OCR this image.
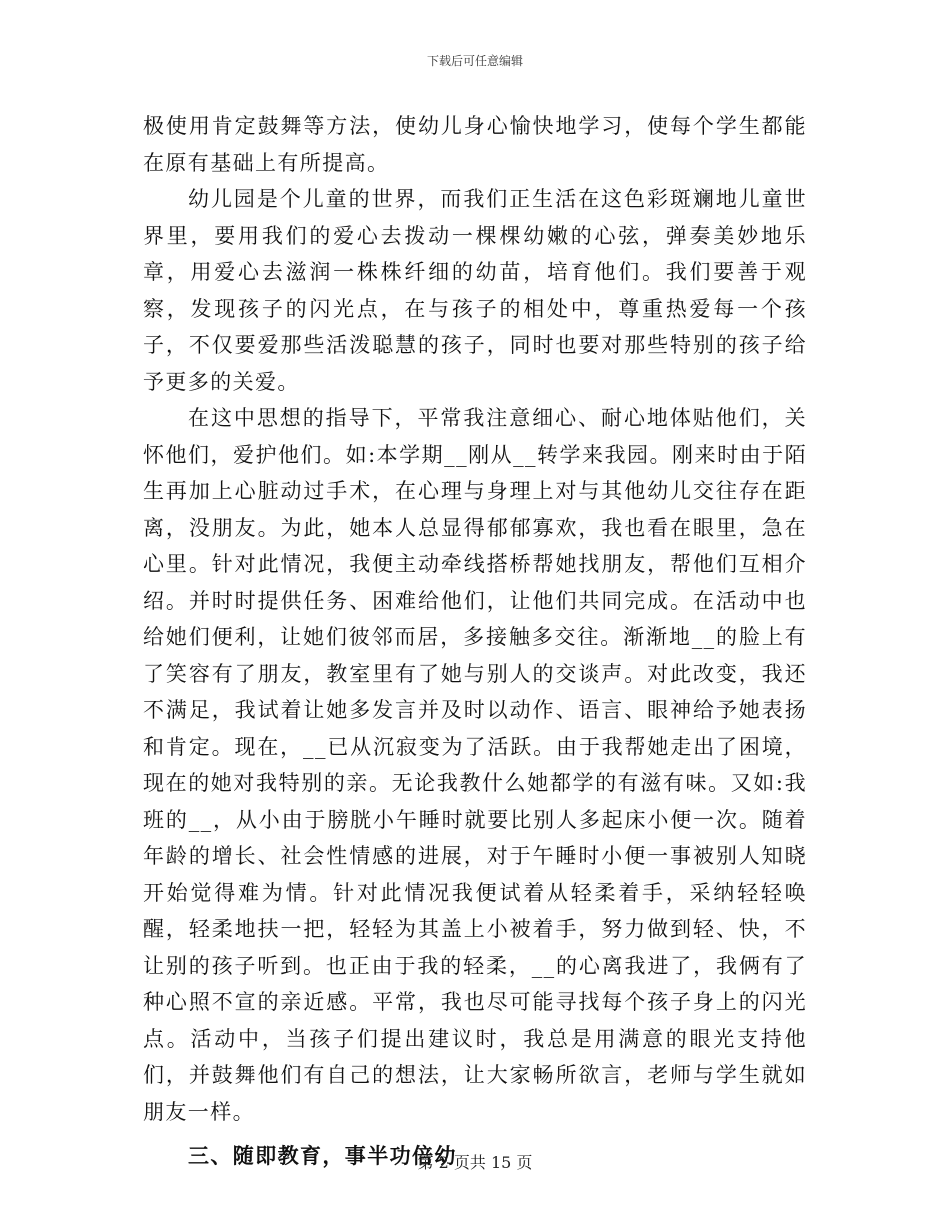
下载后可任意编辑

极使用肯定鼓舞等方法，使幼儿身心愉快地学习，使每个学生都能在原有基础上有所提高。

幼儿园是个儿童的世界，而我们正生活在这色彩斑斓地儿童世界里，要用我们的爱心去拨动一棵棵幼嫩的心弦，弹奏美妙地乐章，用爱心去滋润一株株纤细的幼苗，培育他们。我们要善于观察，发现孩子的闪光点，在与孩子的相处中，尊重热爱每一个孩子，不仅要爱那些活泼聪慧的孩子，同时也要对那些特别的孩子给予更多的关爱。

在这中思想的指导下，平常我注意细心、耐心地体贴他们，关怀他们，爱护他们。如:本学期__刚从__转学来我园。刚来时由于陌生再加上心脏动过手术，在心理与身理上对与其他幼儿交往存在距离，没朋友。为此，她本人总显得郁郁寡欢，我也看在眼里，急在心里。针对此情况，我便主动牵线搭桥帮她找朋友，帮他们互相介绍。并时时提供任务、困难给他们，让他们共同完成。在活动中也给她们便利，让她们彼邻而居，多接触多交往。渐渐地__的脸上有了笑容有了朋友，教室里有了她与别人的交谈声。对此改变，我还不满足，我试着让她多发言并及时以动作、语言、眼神给予她表扬和肯定。现在，__已从沉寂变为了活跃。由于我帮她走出了困境，现在的她对我特别的亲。无论我教什么她都学的有滋有味。又如:我班的__，从小由于膀胱小午睡时就要比别人多起床小便一次。随着年龄的增长、社会性情感的进展，对于午睡时小便一事被别人知晓开始觉得难为情。针对此情况我便试着从轻柔着手，采纳轻轻唤醒，轻柔地扶一把，轻轻为其盖上小被着手，努力做到轻、快，不让别的孩子听到。也正由于我的轻柔，__的心离我进了，我俩有了种心照不宣的亲近感。平常，我也尽可能寻找每个孩子身上的闪光点。活动中，当孩子们提出建议时，我总是用满意的眼光支持他们，并鼓舞他们有自己的想法，让大家畅所欲言，老师与学生就如朋友一样。

三、随即教育，事半功倍幼

第 2 页共 15 页
